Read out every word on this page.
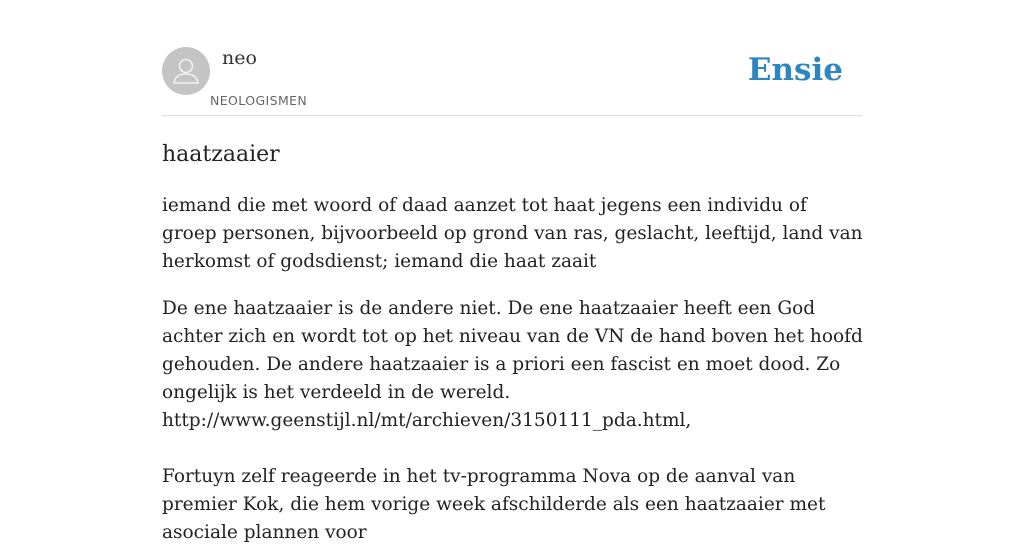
neo
NEOLOGISMEN
Ensie
haatzaaier

iemand die met woord of daad aanzet tot haat jegens een individu of groep personen, bijvoorbeeld op grond van ras, geslacht, leeftijd, land van herkomst of godsdienst; iemand die haat zaait

De ene haatzaaier is de andere niet. De ene haatzaaier heeft een God achter zich en wordt tot op het niveau van de VN de hand boven het hoofd gehouden. De andere haatzaaier is a priori een fascist en moet dood. Zo ongelijk is het verdeeld in de wereld.
http://www.geenstijl.nl/mt/archieven/3150111_pda.html,
Fortuyn zelf reageerde in het tv-programma Nova op de aanval van premier Kok, die hem vorige week afschilderde als een haatzaaier met asociale plannen voor
